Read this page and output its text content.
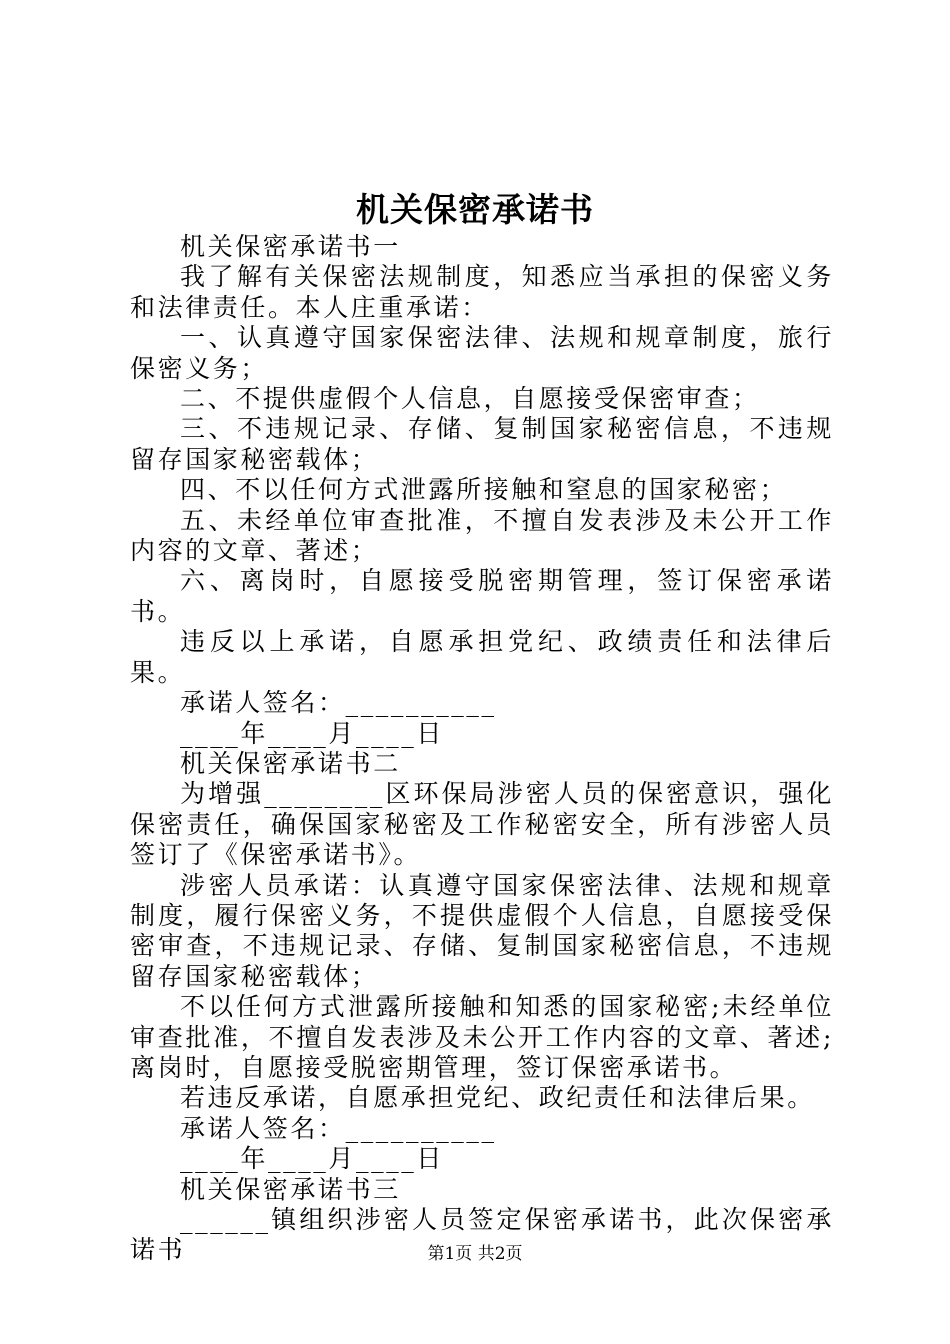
机关保密承诺书

机关保密承诺书一

我了解有关保密法规制度，知悉应当承担的保密义务和法律责任。本人庄重承诺：

一、认真遵守国家保密法律、法规和规章制度，旅行保密义务；

二、不提供虚假个人信息，自愿接受保密审查；

三、不违规记录、存储、复制国家秘密信息，不违规留存国家秘密载体；

四、不以任何方式泄露所接触和窒息的国家秘密；

五、未经单位审查批准，不擅自发表涉及未公开工作内容的文章、著述；

六、离岗时，自愿接受脱密期管理，签订保密承诺书。

违反以上承诺，自愿承担党纪、政绩责任和法律后果。

承诺人签名：__________

____年____月____日

机关保密承诺书二

为增强________区环保局涉密人员的保密意识，强化保密责任，确保国家秘密及工作秘密安全，所有涉密人员签订了《保密承诺书》。

涉密人员承诺：认真遵守国家保密法律、法规和规章制度，履行保密义务，不提供虚假个人信息，自愿接受保密审查，不违规记录、存储、复制国家秘密信息，不违规留存国家秘密载体；

不以任何方式泄露所接触和知悉的国家秘密;未经单位审查批准，不擅自发表涉及未公开工作内容的文章、著述;离岗时，自愿接受脱密期管理，签订保密承诺书。

若违反承诺，自愿承担党纪、政纪责任和法律后果。

承诺人签名：__________

____年____月____日

机关保密承诺书三

______镇组织涉密人员签定保密承诺书，此次保密承诺书	第1页 共2页
